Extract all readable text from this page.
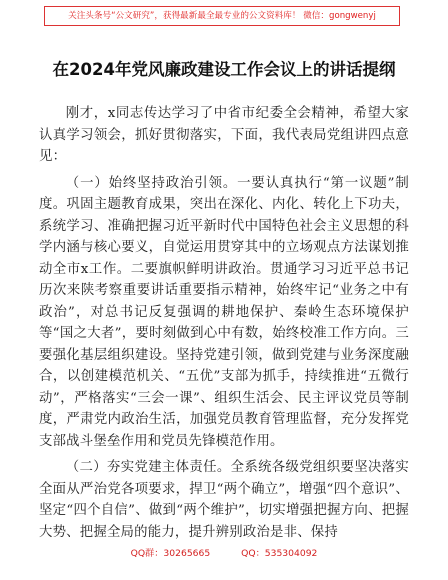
关注头条号“公文研究”，获得最新最全最专业的公文资料库！ 微信：gongwenyj
在2024年党风廉政建设工作会议上的讲话提纲

刚才，x同志传达学习了中省市纪委全会精神，希望大家认真学习领会，抓好贯彻落实，下面，我代表局党组讲四点意见：

（一）始终坚持政治引领。一要认真执行“第一议题”制度。巩固主题教育成果，突出在深化、内化、转化上下功夫，系统学习、准确把握习近平新时代中国特色社会主义思想的科学内涵与核心要义，自觉运用贯穿其中的立场观点方法谋划推动全市x工作。二要旗帜鲜明讲政治。贯通学习习近平总书记历次来陕考察重要讲话重要指示精神，始终牢记“业务之中有政治”，对总书记反复强调的耕地保护、秦岭生态环境保护等“国之大者”，要时刻做到心中有数，始终校准工作方向。三要强化基层组织建设。坚持党建引领，做到党建与业务深度融合，以创建模范机关、“五优”支部为抓手，持续推进“五微行动”，严格落实“三会一课”、组织生活会、民主评议党员等制度，严肃党内政治生活，加强党员教育管理监督，充分发挥党支部战斗堡垒作用和党员先锋模范作用。

（二）夯实党建主体责任。全系统各级党组织要坚决落实全面从严治党各项要求，捍卫“两个确立”，增强“四个意识”、坚定“四个自信”、做到“两个维护”，切实增强把握方向、把握大势、把握全局的能力，提升辨别政治是非、保持

QQ群：30265665	QQ：535304092
